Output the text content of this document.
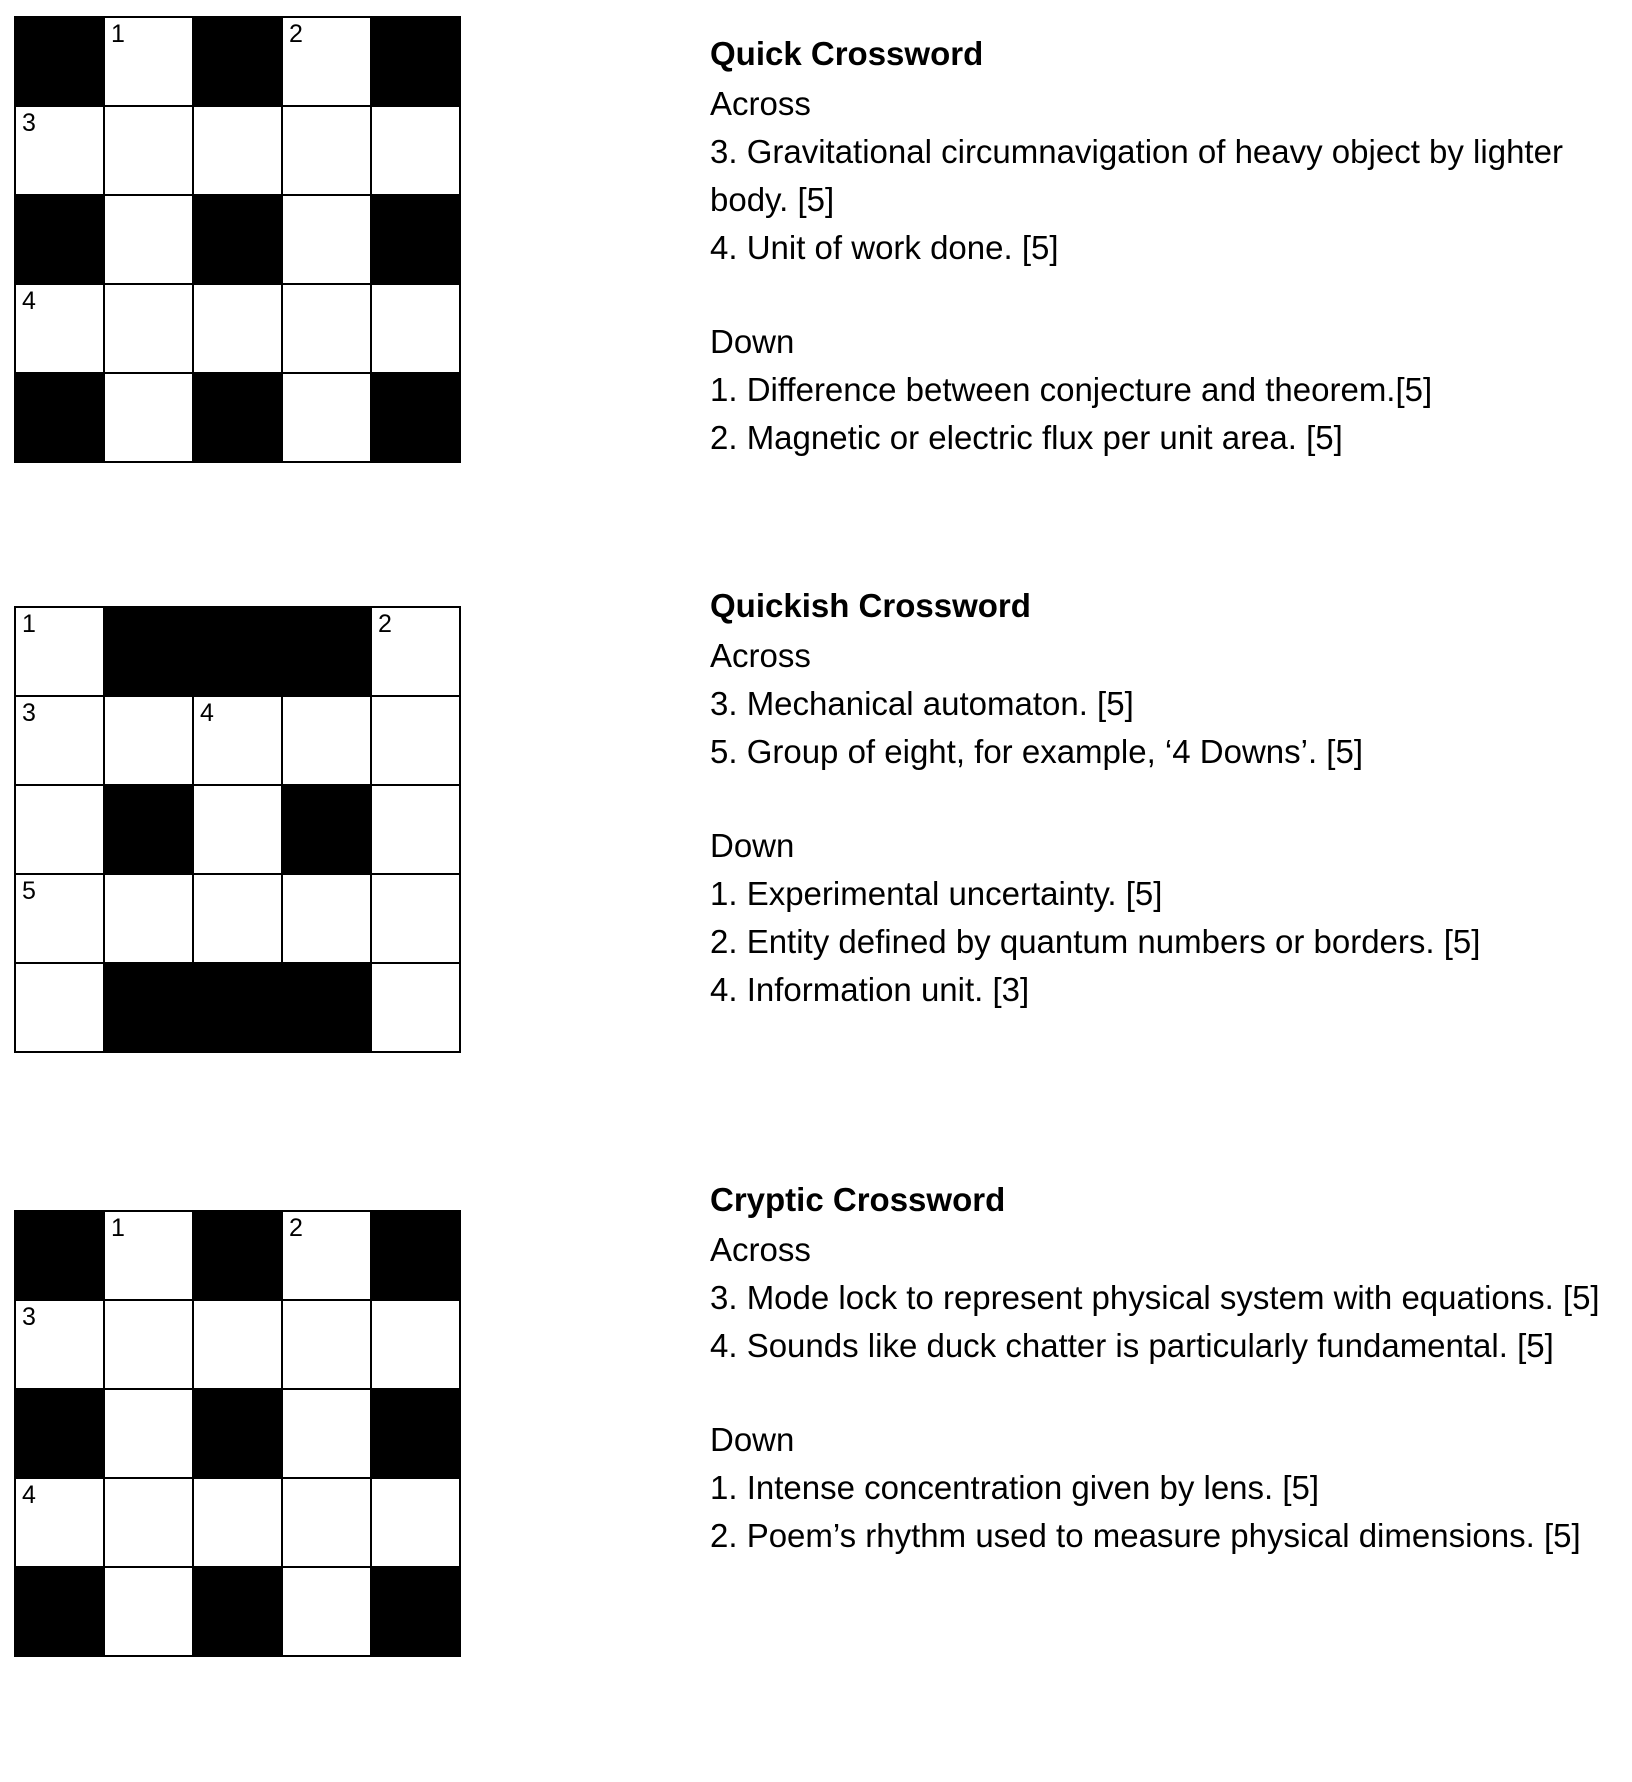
	1		2	

3				

4				

Quick Crossword
Across
3. Gravitational circumnavigation of heavy object by lighter body. [5]
4. Unit of work done. [5]
Down
1. Difference between conjecture and theorem.[5]
2. Magnetic or electric flux per unit area. [5]
1				2

3		4		

5				

Quickish Crossword
Across
3. Mechanical automaton. [5]
5. Group of eight, for example, ‘4 Downs’. [5]
Down
1. Experimental uncertainty. [5]
2. Entity defined by quantum numbers or borders. [5]
4. Information unit. [3]

	1		2	

3				

4				

Cryptic Crossword
Across
3. Mode lock to represent physical system with equations. [5]
4. Sounds like duck chatter is particularly fundamental. [5]
Down
1. Intense concentration given by lens. [5]
2. Poem’s rhythm used to measure physical dimensions. [5]
